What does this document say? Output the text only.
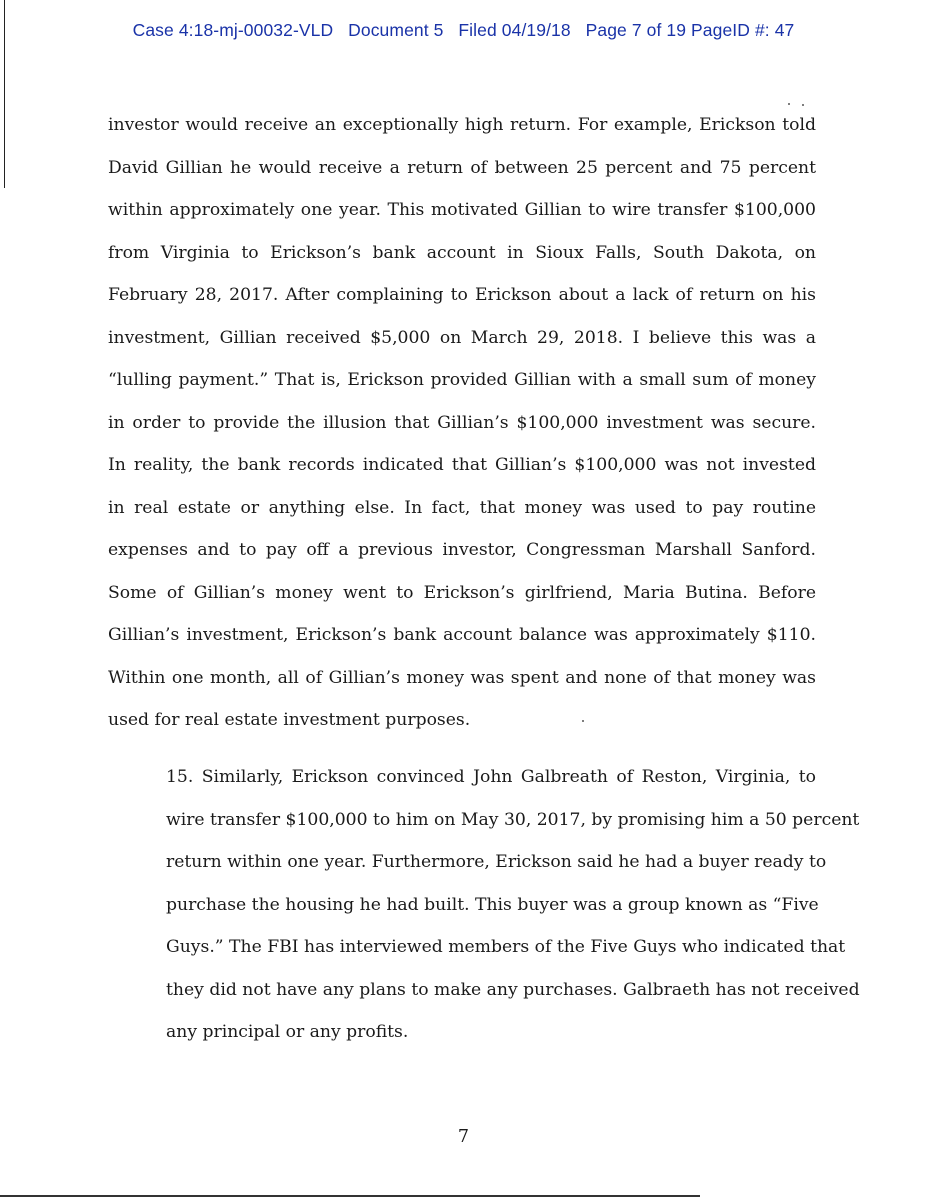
Case 4:18-mj-00032-VLD Document 5 Filed 04/19/18 Page 7 of 19 PageID #: 47
investor would receive an exceptionally high return. For example, Erickson told
David Gillian he would receive a return of between 25 percent and 75 percent
within approximately one year. This motivated Gillian to wire transfer $100,000
from Virginia to Erickson’s bank account in Sioux Falls, South Dakota, on
February 28, 2017. After complaining to Erickson about a lack of return on his
investment, Gillian received $5,000 on March 29, 2018. I believe this was a
“lulling payment.” That is, Erickson provided Gillian with a small sum of money
in order to provide the illusion that Gillian’s $100,000 investment was secure.
In reality, the bank records indicated that Gillian’s $100,000 was not invested
in real estate or anything else. In fact, that money was used to pay routine
expenses and to pay off a previous investor, Congressman Marshall Sanford.
Some of Gillian’s money went to Erickson’s girlfriend, Maria Butina. Before
Gillian’s investment, Erickson’s bank account balance was approximately $110.
Within one month, all of Gillian’s money was spent and none of that money was
used for real estate investment purposes.
15. Similarly, Erickson convinced John Galbreath of Reston, Virginia, to
wire transfer $100,000 to him on May 30, 2017, by promising him a 50 percent
return within one year. Furthermore, Erickson said he had a buyer ready to
purchase the housing he had built. This buyer was a group known as “Five
Guys.” The FBI has interviewed members of the Five Guys who indicated that
they did not have any plans to make any purchases. Galbraeth has not received
any principal or any profits.
7
